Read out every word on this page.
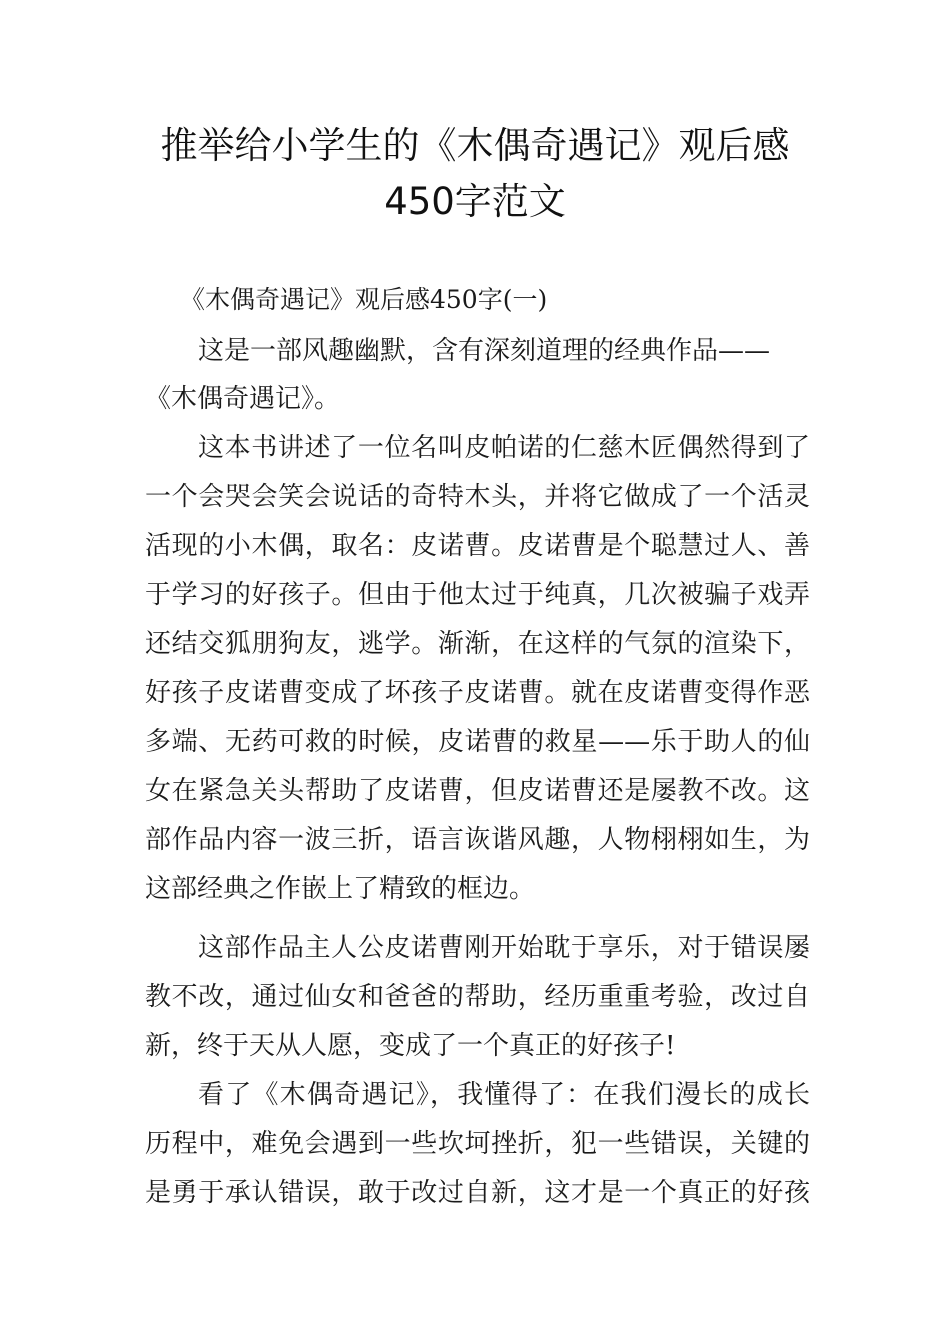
推举给小学生的《木偶奇遇记》观后感
450字范文
《木偶奇遇记》观后感450字(一)
这是一部风趣幽默，含有深刻道理的经典作品——
《木偶奇遇记》。
这本书讲述了一位名叫皮帕诺的仁慈木匠偶然得到了
一个会哭会笑会说话的奇特木头，并将它做成了一个活灵
活现的小木偶，取名：皮诺曹。皮诺曹是个聪慧过人、善
于学习的好孩子。但由于他太过于纯真，几次被骗子戏弄
还结交狐朋狗友，逃学。渐渐，在这样的气氛的渲染下，
好孩子皮诺曹变成了坏孩子皮诺曹。就在皮诺曹变得作恶
多端、无药可救的时候，皮诺曹的救星——乐于助人的仙
女在紧急关头帮助了皮诺曹，但皮诺曹还是屡教不改。这
部作品内容一波三折，语言诙谐风趣，人物栩栩如生，为
这部经典之作嵌上了精致的框边。
这部作品主人公皮诺曹刚开始耽于享乐，对于错误屡
教不改，通过仙女和爸爸的帮助，经历重重考验，改过自
新，终于天从人愿，变成了一个真正的好孩子!
看了《木偶奇遇记》，我懂得了：在我们漫长的成长
历程中，难免会遇到一些坎坷挫折，犯一些错误，关键的
是勇于承认错误，敢于改过自新，这才是一个真正的好孩
